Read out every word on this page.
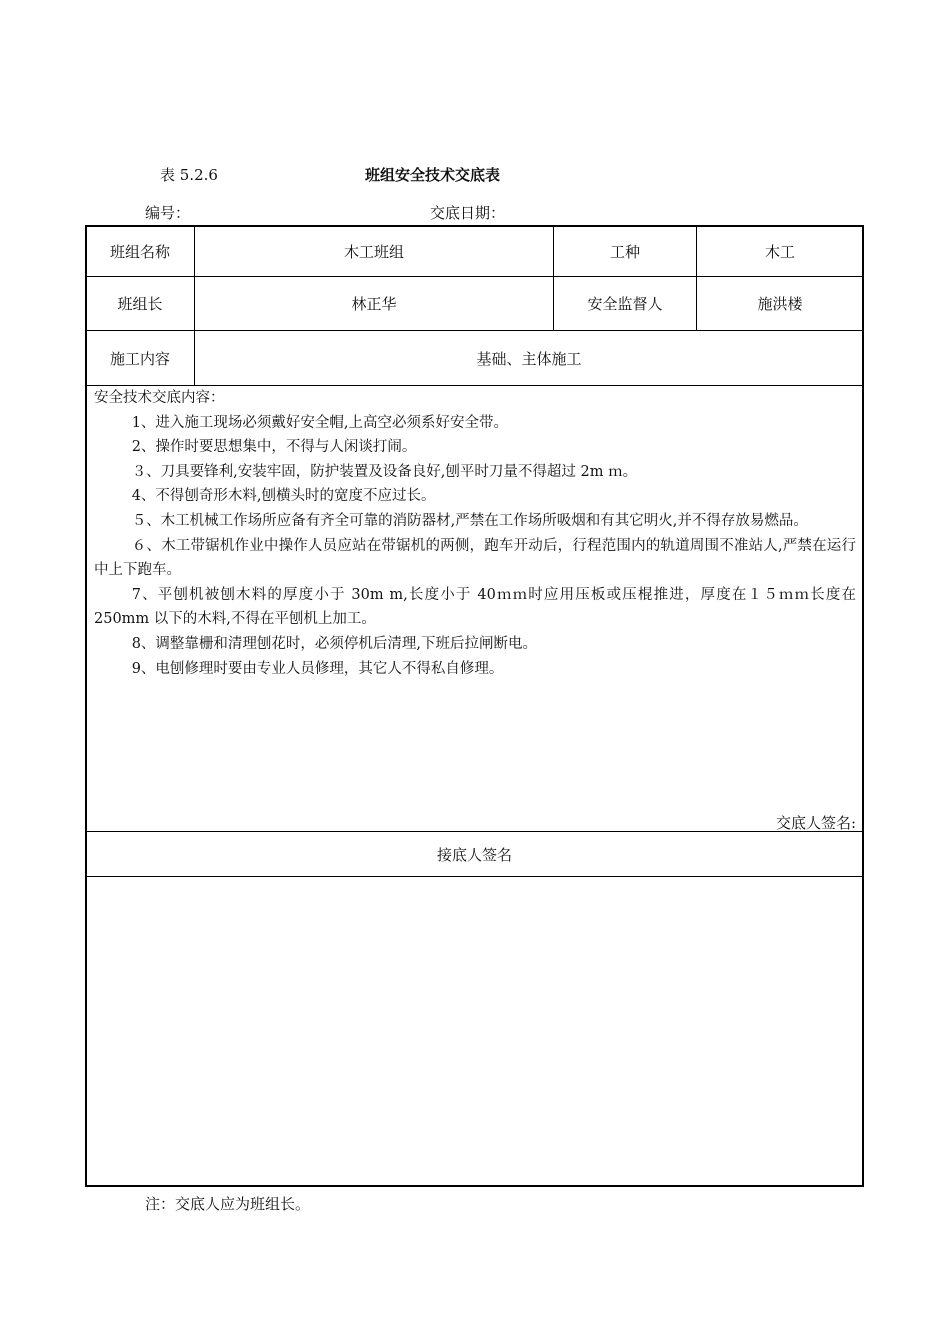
表 5.2.6	班组安全技术交底表
编号：	交底日期：
班组名称	木工班组	工种	木工
班组长	林正华	安全监督人	施洪楼
施工内容	基础、主体施工

安全技术交底内容：

1、进入施工现场必须戴好安全帽,上高空必须系好安全带。

2、操作时要思想集中，不得与人闲谈打闹。

３、刀具要锋利,安装牢固，防护装置及设备良好,刨平时刀量不得超过 2m ｍ。

4、不得刨奇形木料,刨横头时的宽度不应过长。

５、木工机械工作场所应备有齐全可靠的消防器材,严禁在工作场所吸烟和有其它明火,并不得存放易燃品。

６、木工带锯机作业中操作人员应站在带锯机的两侧，跑车开动后，行程范围内的轨道周围不准站人,严禁在运行中上下跑车。

7、平刨机被刨木料的厚度小于 30m m,长度小于 40ｍｍ时应用压板或压棍推进，厚度在１５ｍｍ长度在 250mm 以下的木料,不得在平刨机上加工。

8、调整靠栅和清理刨花时，必须停机后清理,下班后拉闸断电。

9、电刨修理时要由专业人员修理，其它人不得私自修理。

交底人签名:
接底人签名
注：交底人应为班组长。
